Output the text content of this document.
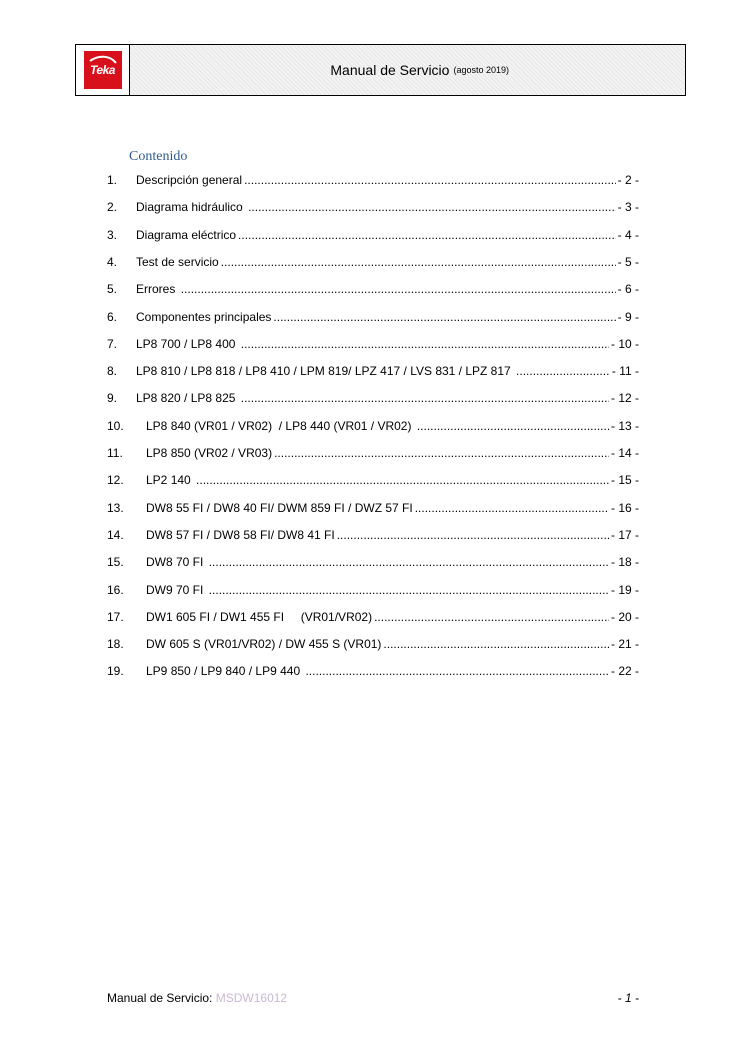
Teka	Manual de Servicio (agosto 2019)
Contenido
1.	Descripción general .....	- 2 -
2.	Diagrama hidráulico .....	- 3 -
3.	Diagrama eléctrico .....	- 4 -
4.	Test de servicio .....	- 5 -
5.	Errores .....	- 6 -
6.	Componentes principales .....	- 9 -
7.	LP8 700 / LP8 400 .....	- 10 -
8.	LP8 810 / LP8 818 / LP8 410 / LPM 819/ LPZ 417 / LVS 831 / LPZ 817 .....	- 11 -
9.	LP8 820 / LP8 825 .....	- 12 -
10.	LP8 840 (VR01 / VR02)  / LP8 440 (VR01 / VR02) .....	- 13 -
11.	LP8 850 (VR02 / VR03) .....	- 14 -
12.	LP2 140 .....	- 15 -
13.	DW8 55 FI / DW8 40 FI/ DWM 859 FI / DWZ 57 FI .....	- 16 -
14.	DW8 57 FI / DW8 58 FI/ DW8 41 FI .....	- 17 -
15.	DW8 70 FI .....	- 18 -
16.	DW9 70 FI .....	- 19 -
17.	DW1 605 FI / DW1 455 FI     (VR01/VR02) .....	- 20 -
18.	DW 605 S (VR01/VR02) / DW 455 S (VR01) .....	- 21 -
19.	LP9 850 / LP9 840 / LP9 440 .....	- 22 -
Manual de Servicio: MSDW16012	- 1 -
